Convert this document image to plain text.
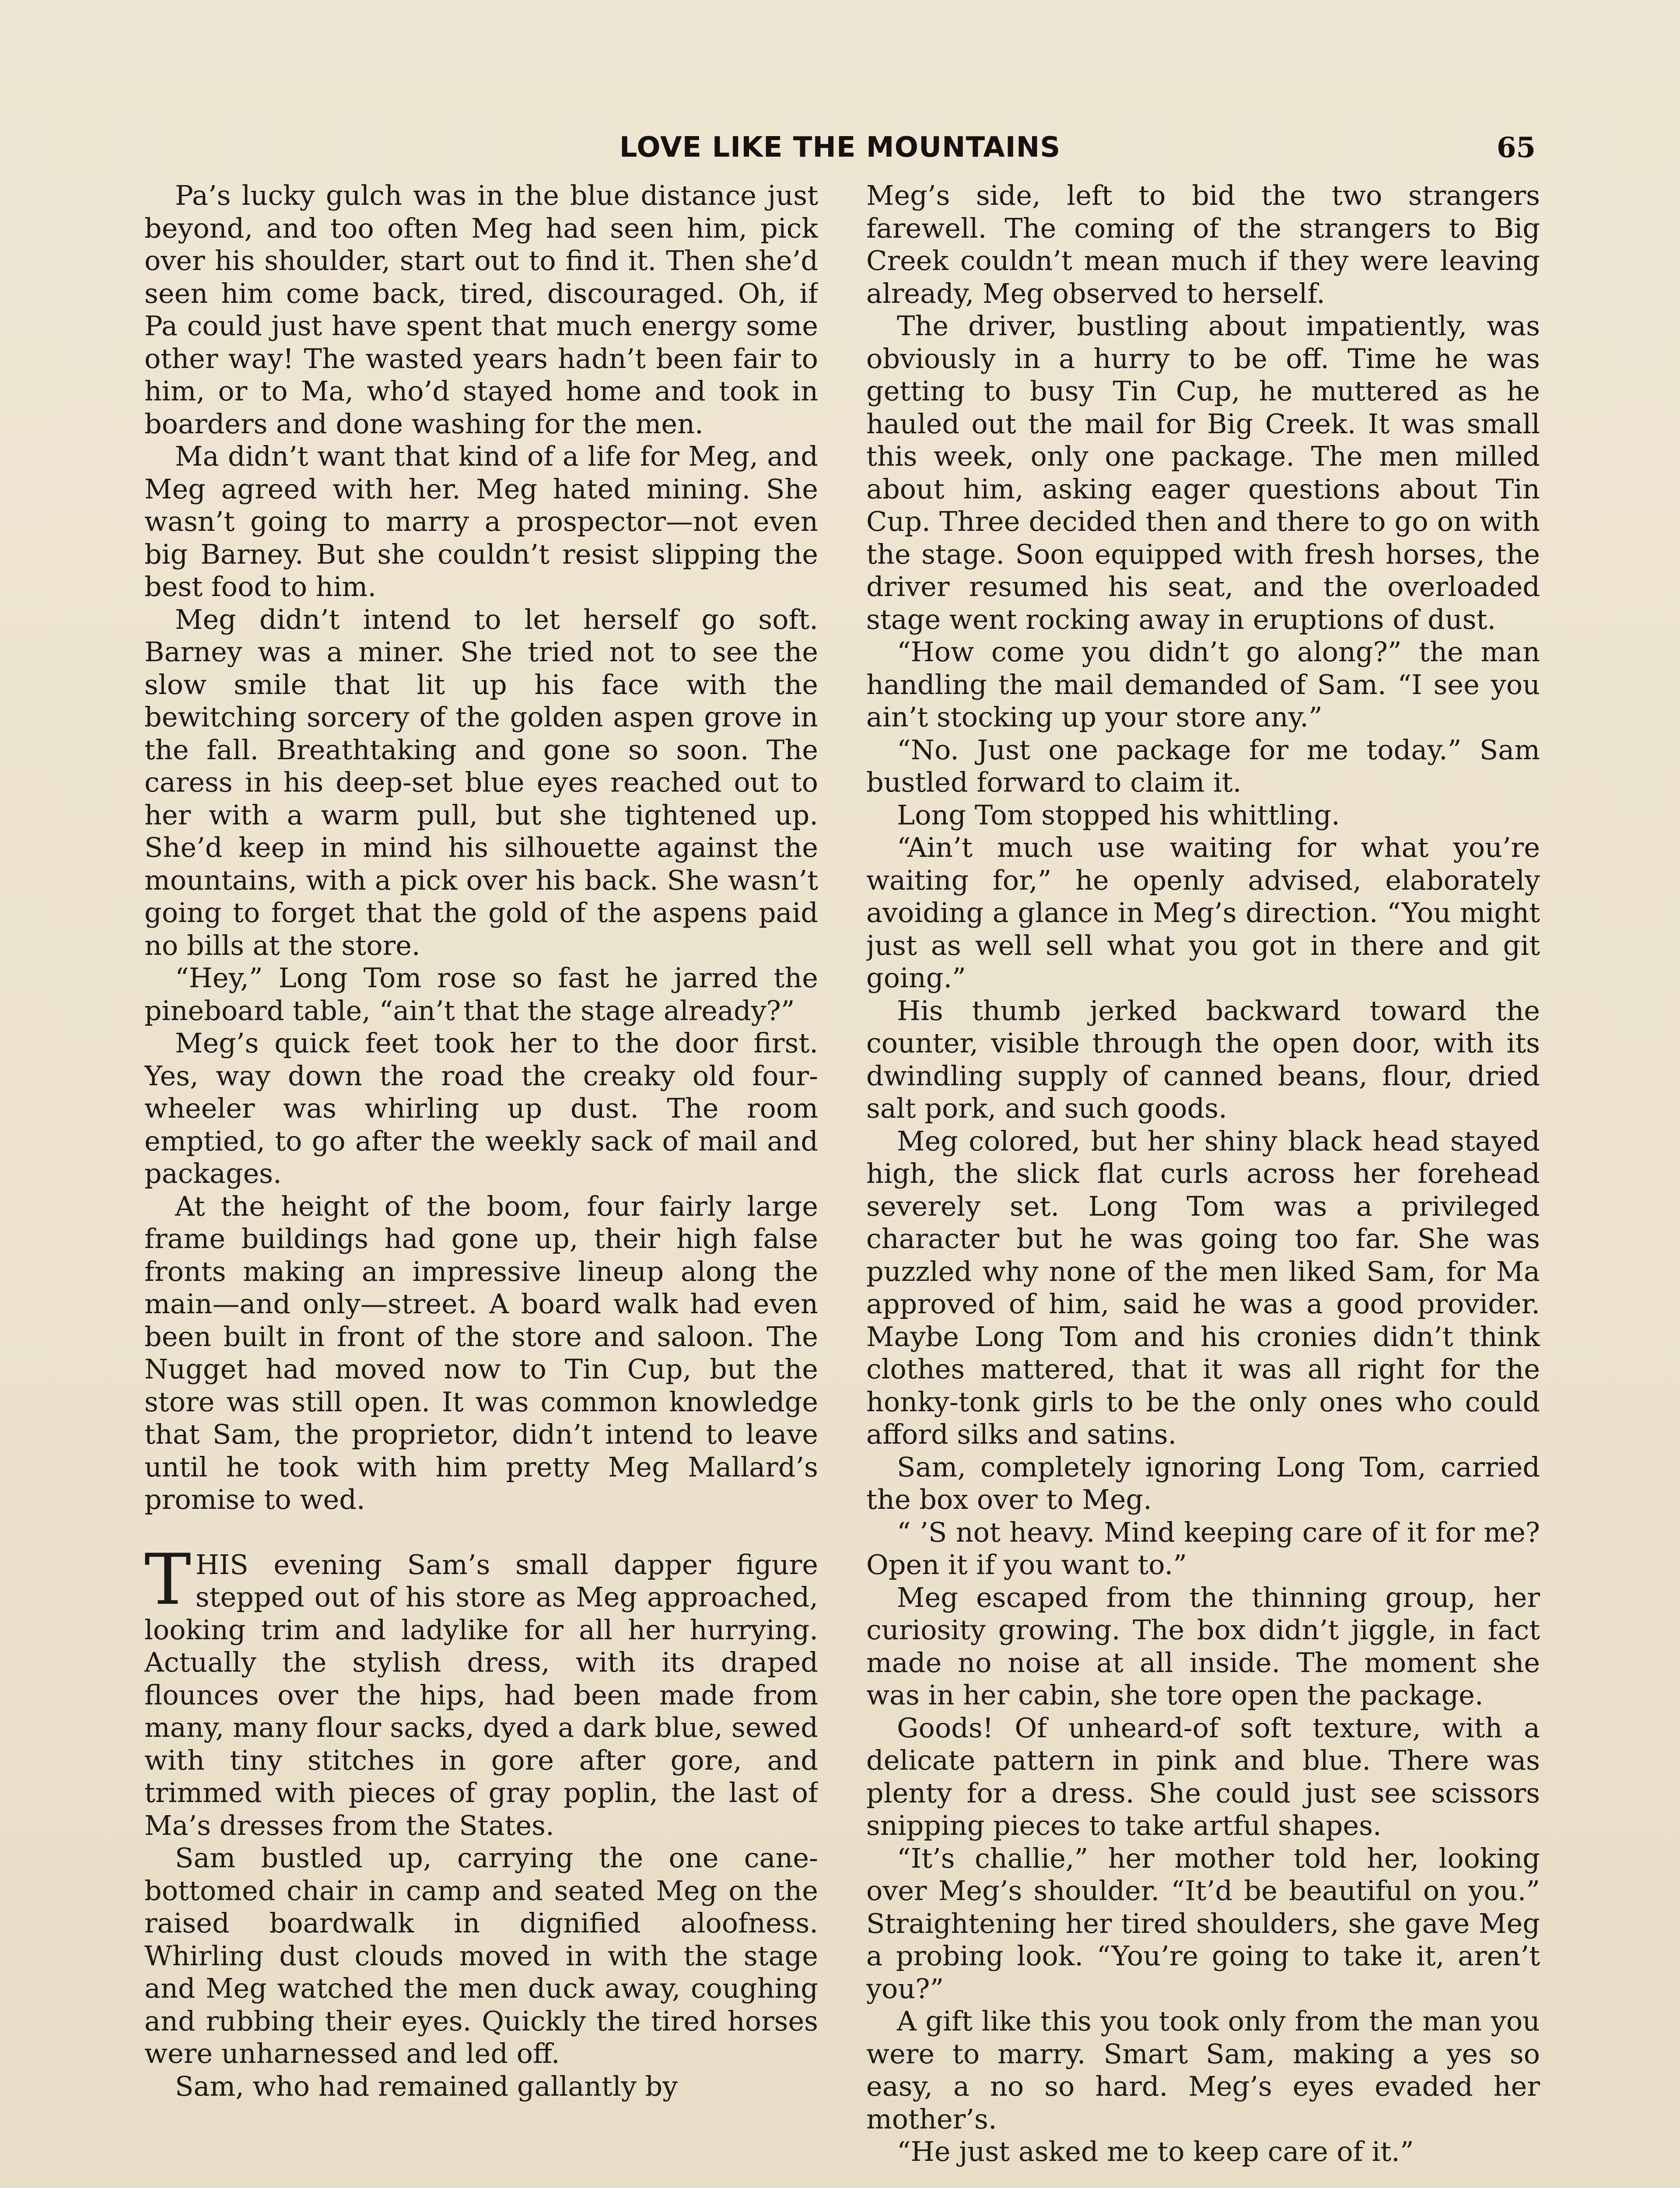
LOVE LIKE THE MOUNTAINS	65

Pa’s lucky gulch was in the blue distance just beyond, and too often Meg had seen him, pick over his shoulder, start out to find it. Then she’d seen him come back, tired, discouraged. Oh, if Pa could just have spent that much energy some other way! The wasted years hadn’t been fair to him, or to Ma, who’d stayed home and took in boarders and done washing for the men.

Ma didn’t want that kind of a life for Meg, and Meg agreed with her. Meg hated mining. She wasn’t going to marry a prospector—not even big Barney. But she couldn’t resist slipping the best food to him.

Meg didn’t intend to let herself go soft. Barney was a miner. She tried not to see the slow smile that lit up his face with the bewitching sorcery of the golden aspen grove in the fall. Breathtaking and gone so soon. The caress in his deep-set blue eyes reached out to her with a warm pull, but she tightened up. She’d keep in mind his silhouette against the mountains, with a pick over his back. She wasn’t going to forget that the gold of the aspens paid no bills at the store.

“Hey,” Long Tom rose so fast he jarred the pineboard table, “ain’t that the stage already?”

Meg’s quick feet took her to the door first. Yes, way down the road the creaky old four-wheeler was whirling up dust. The room emptied, to go after the weekly sack of mail and packages.

At the height of the boom, four fairly large frame buildings had gone up, their high false fronts making an impressive lineup along the main—and only—street. A board walk had even been built in front of the store and saloon. The Nugget had moved now to Tin Cup, but the store was still open. It was common knowledge that Sam, the proprietor, didn’t intend to leave until he took with him pretty Meg Mallard’s promise to wed.

THIS evening Sam’s small dapper figure stepped out of his store as Meg approached, looking trim and ladylike for all her hurrying. Actually the stylish dress, with its draped flounces over the hips, had been made from many, many flour sacks, dyed a dark blue, sewed with tiny stitches in gore after gore, and trimmed with pieces of gray poplin, the last of Ma’s dresses from the States.

Sam bustled up, carrying the one cane-bottomed chair in camp and seated Meg on the raised boardwalk in dignified aloofness. Whirling dust clouds moved in with the stage and Meg watched the men duck away, coughing and rubbing their eyes. Quickly the tired horses were unharnessed and led off.

Sam, who had remained gallantly by

Meg’s side, left to bid the two strangers farewell. The coming of the strangers to Big Creek couldn’t mean much if they were leaving already, Meg observed to herself.

The driver, bustling about impatiently, was obviously in a hurry to be off. Time he was getting to busy Tin Cup, he muttered as he hauled out the mail for Big Creek. It was small this week, only one package. The men milled about him, asking eager questions about Tin Cup. Three decided then and there to go on with the stage. Soon equipped with fresh horses, the driver resumed his seat, and the overloaded stage went rocking away in eruptions of dust.

“How come you didn’t go along?” the man handling the mail demanded of Sam. “I see you ain’t stocking up your store any.”

“No. Just one package for me today.” Sam bustled forward to claim it.

Long Tom stopped his whittling.

“Ain’t much use waiting for what you’re waiting for,” he openly advised, elaborately avoiding a glance in Meg’s direction. “You might just as well sell what you got in there and git going.”

His thumb jerked backward toward the counter, visible through the open door, with its dwindling supply of canned beans, flour, dried salt pork, and such goods.

Meg colored, but her shiny black head stayed high, the slick flat curls across her forehead severely set. Long Tom was a privileged character but he was going too far. She was puzzled why none of the men liked Sam, for Ma approved of him, said he was a good provider. Maybe Long Tom and his cronies didn’t think clothes mattered, that it was all right for the honky-tonk girls to be the only ones who could afford silks and satins.

Sam, completely ignoring Long Tom, carried the box over to Meg.

“ ’S not heavy. Mind keeping care of it for me? Open it if you want to.”

Meg escaped from the thinning group, her curiosity growing. The box didn’t jiggle, in fact made no noise at all inside. The moment she was in her cabin, she tore open the package.

Goods! Of unheard-of soft texture, with a delicate pattern in pink and blue. There was plenty for a dress. She could just see scissors snipping pieces to take artful shapes.

“It’s challie,” her mother told her, looking over Meg’s shoulder. “It’d be beautiful on you.” Straightening her tired shoulders, she gave Meg a probing look. “You’re going to take it, aren’t you?”

A gift like this you took only from the man you were to marry. Smart Sam, making a yes so easy, a no so hard. Meg’s eyes evaded her mother’s.

“He just asked me to keep care of it.”
